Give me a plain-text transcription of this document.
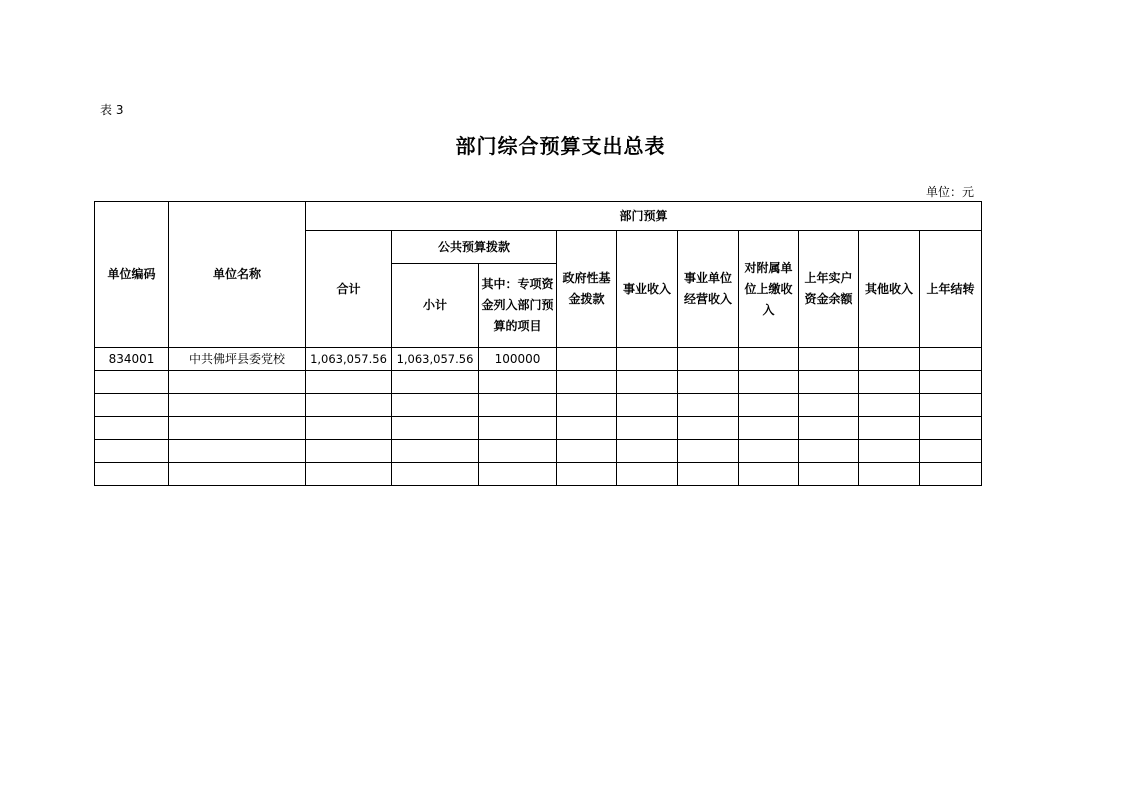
表 3
部门综合预算支出总表
单位：元
单位编码	单位名称	部门预算									
		合计	公共预算拨款		政府性基金拨款	事业收入	事业单位经营收入	对附属单位上缴收入	上年实户资金余额	其他收入	上年结转
			小计	其中：专项资金列入部门预算的项目							
834001	中共佛坪县委党校	1,063,057.56	1,063,057.56	100000							
